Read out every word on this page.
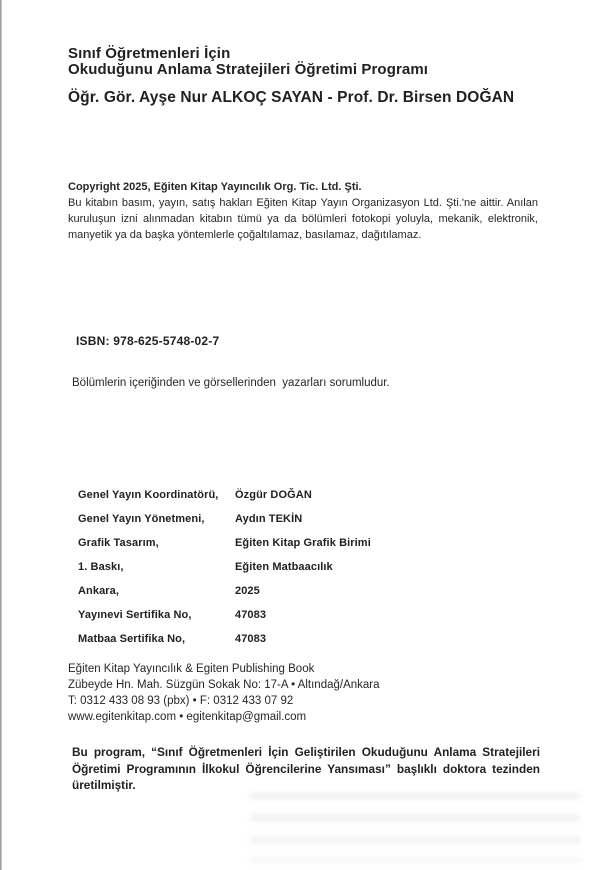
Sınıf Öğretmenleri İçin
Okuduğunu Anlama Stratejileri Öğretimi Programı
Öğr. Gör. Ayşe Nur ALKOÇ SAYAN - Prof. Dr. Birsen DOĞAN
Copyright 2025, Eğiten Kitap Yayıncılık Org. Tic. Ltd. Şti.
Bu kitabın basım, yayın, satış hakları Eğiten Kitap Yayın Organizasyon Ltd. Şti.'ne aittir. Anılan kuruluşun izni alınmadan kitabın tümü ya da bölümleri fotokopi yoluyla, mekanik, elektronik, manyetik ya da başka yöntemlerle çoğaltılamaz, basılamaz, dağıtılamaz.
ISBN: 978-625-5748-02-7
Bölümlerin içeriğinden ve görsellerinden  yazarları sorumludur.
Genel Yayın Koordinatörü,	Özgür DOĞAN
Genel Yayın Yönetmeni,	Aydın TEKİN
Grafik Tasarım,	Eğiten Kitap Grafik Birimi
1. Baskı,	Eğiten Matbaacılık
Ankara,	2025
Yayınevi Sertifika No,	47083
Matbaa Sertifika No,	47083
Eğiten Kitap Yayıncılık & Egiten Publishing Book
Zübeyde Hn. Mah. Süzgün Sokak No: 17-A • Altındağ/Ankara
T: 0312 433 08 93 (pbx) • F: 0312 433 07 92
www.egitenkitap.com • egitenkitap@gmail.com
Bu program, “Sınıf Öğretmenleri İçin Geliştirilen Okuduğunu Anlama Stratejileri Öğretimi Programının İlkokul Öğrencilerine Yansıması” başlıklı doktora tezinden üretilmiştir.
